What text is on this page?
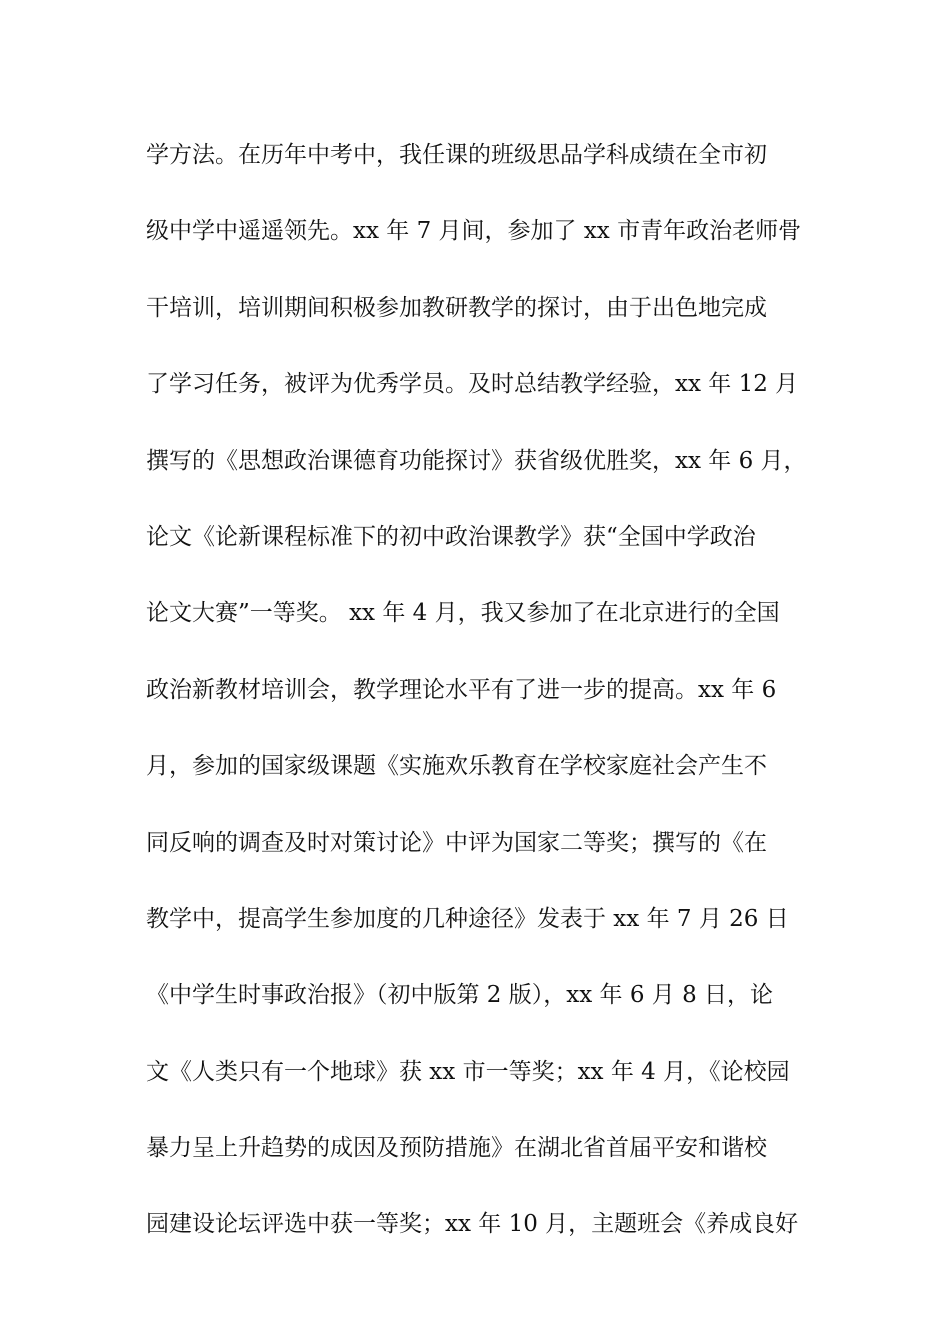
学方法。在历年中考中，我任课的班级思品学科成绩在全市初
级中学中遥遥领先。xx 年 7 月间，参加了 xx 市青年政治老师骨
干培训，培训期间积极参加教研教学的探讨，由于出色地完成
了学习任务，被评为优秀学员。及时总结教学经验，xx 年 12 月
撰写的《思想政治课德育功能探讨》获省级优胜奖，xx 年 6 月，
论文《论新课程标准下的初中政治课教学》获“全国中学政治
论文大赛”一等奖。 xx 年 4 月，我又参加了在北京进行的全国
政治新教材培训会，教学理论水平有了进一步的提高。xx 年 6
月，参加的国家级课题《实施欢乐教育在学校家庭社会产生不
同反响的调查及时对策讨论》中评为国家二等奖；撰写的《在
教学中，提高学生参加度的几种途径》发表于 xx 年 7 月 26 日
《中学生时事政治报》（初中版第 2 版），xx 年 6 月 8 日，论
文《人类只有一个地球》获 xx 市一等奖；xx 年 4 月，《论校园
暴力呈上升趋势的成因及预防措施》在湖北省首届平安和谐校
园建设论坛评选中获一等奖；xx 年 10 月，主题班会《养成良好
